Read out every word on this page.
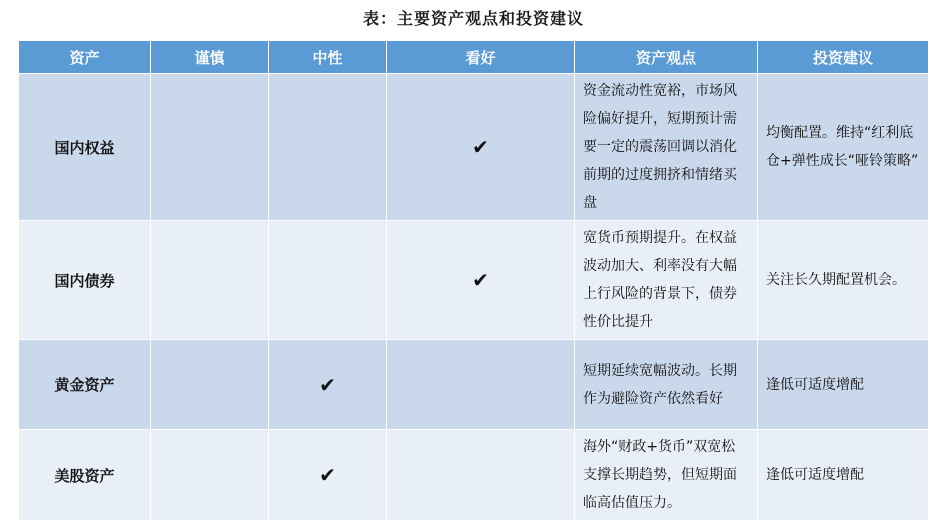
表：主要资产观点和投资建议
资产	谨慎	中性	看好	资产观点	投资建议
国内权益			✔	资金流动性宽裕，市场风险偏好提升，短期预计需要一定的震荡回调以消化前期的过度拥挤和情绪买盘	均衡配置。维持“红利底仓+弹性成长“哑铃策略”
国内债券			✔	宽货币预期提升。在权益波动加大、利率没有大幅上行风险的背景下，债券性价比提升	关注长久期配置机会。
黄金资产		✔		短期延续宽幅波动。长期作为避险资产依然看好	逢低可适度增配
美股资产		✔		海外“财政+货币”双宽松支撑长期趋势，但短期面临高估值压力。	逢低可适度增配
